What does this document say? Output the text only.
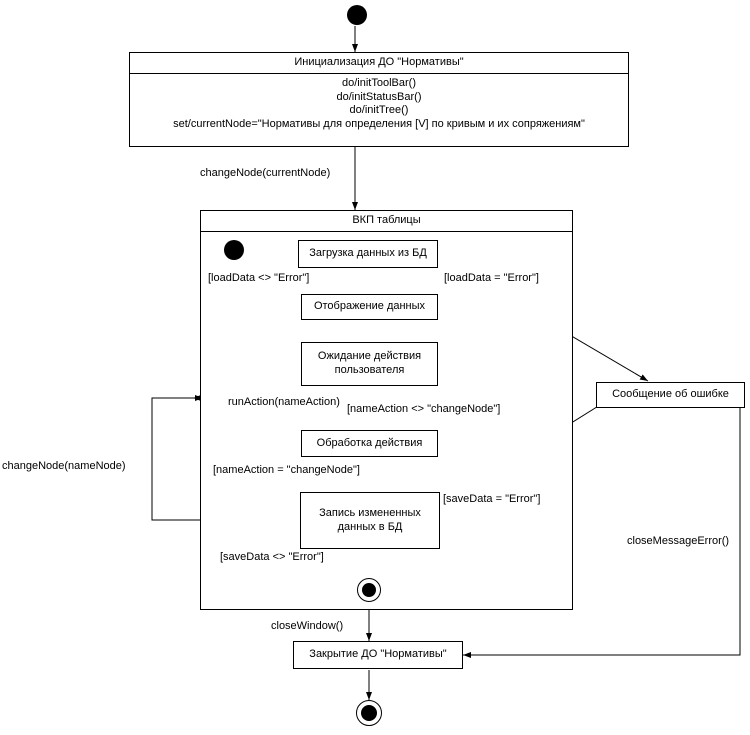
Инициализация ДО "Нормативы"
do/initToolBar()
do/initStatusBar()
do/initTree()
set/currentNode="Нормативы для определения [V] по кривым и их сопряжениям"
changeNode(currentNode)
ВКП таблицы
Загрузка данных из БД
Отображение данных
Ожидание действия пользователя
Обработка действия
Запись измененных данных в БД
Сообщение об ошибке
Закрытие ДО "Нормативы"
[loadData <> "Error"]	[loadData = "Error"]
runAction(nameAction)
[nameAction <> "changeNode"]
[nameAction = "changeNode"]
[saveData = "Error"]
[saveData <> "Error"]
changeNode(nameNode)
closeWindow()
closeMessageError()
